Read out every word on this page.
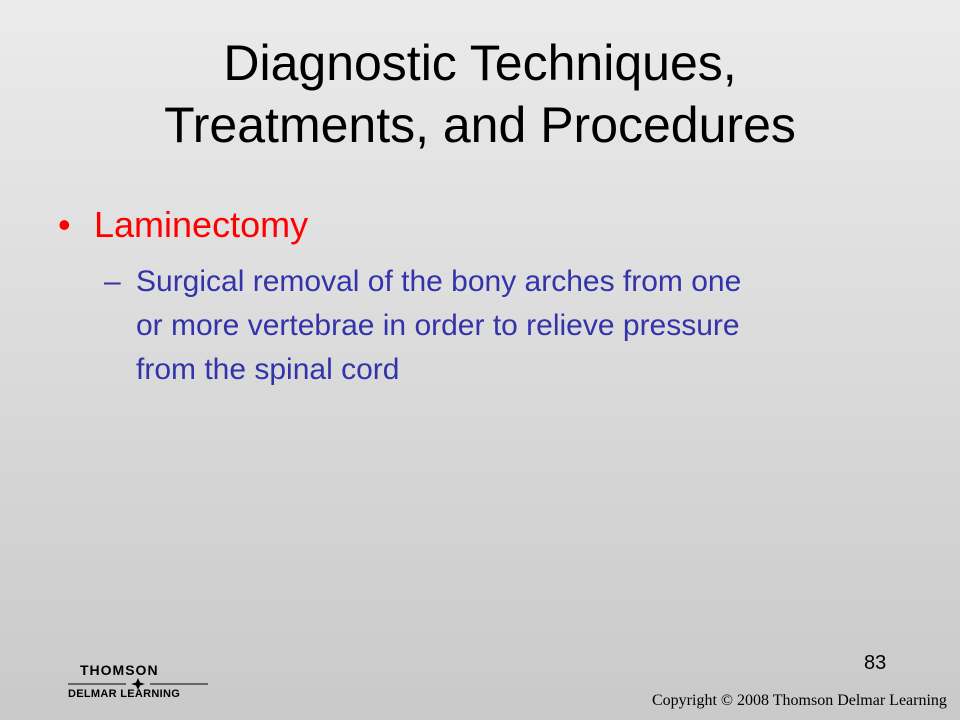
Diagnostic Techniques,
Treatments, and Procedures
• Laminectomy
– Surgical removal of the bony arches from one
or more vertebrae in order to relieve pressure
from the spinal cord
83
THOMSON
DELMAR LEARNING	Copyright © 2008 Thomson Delmar Learning
